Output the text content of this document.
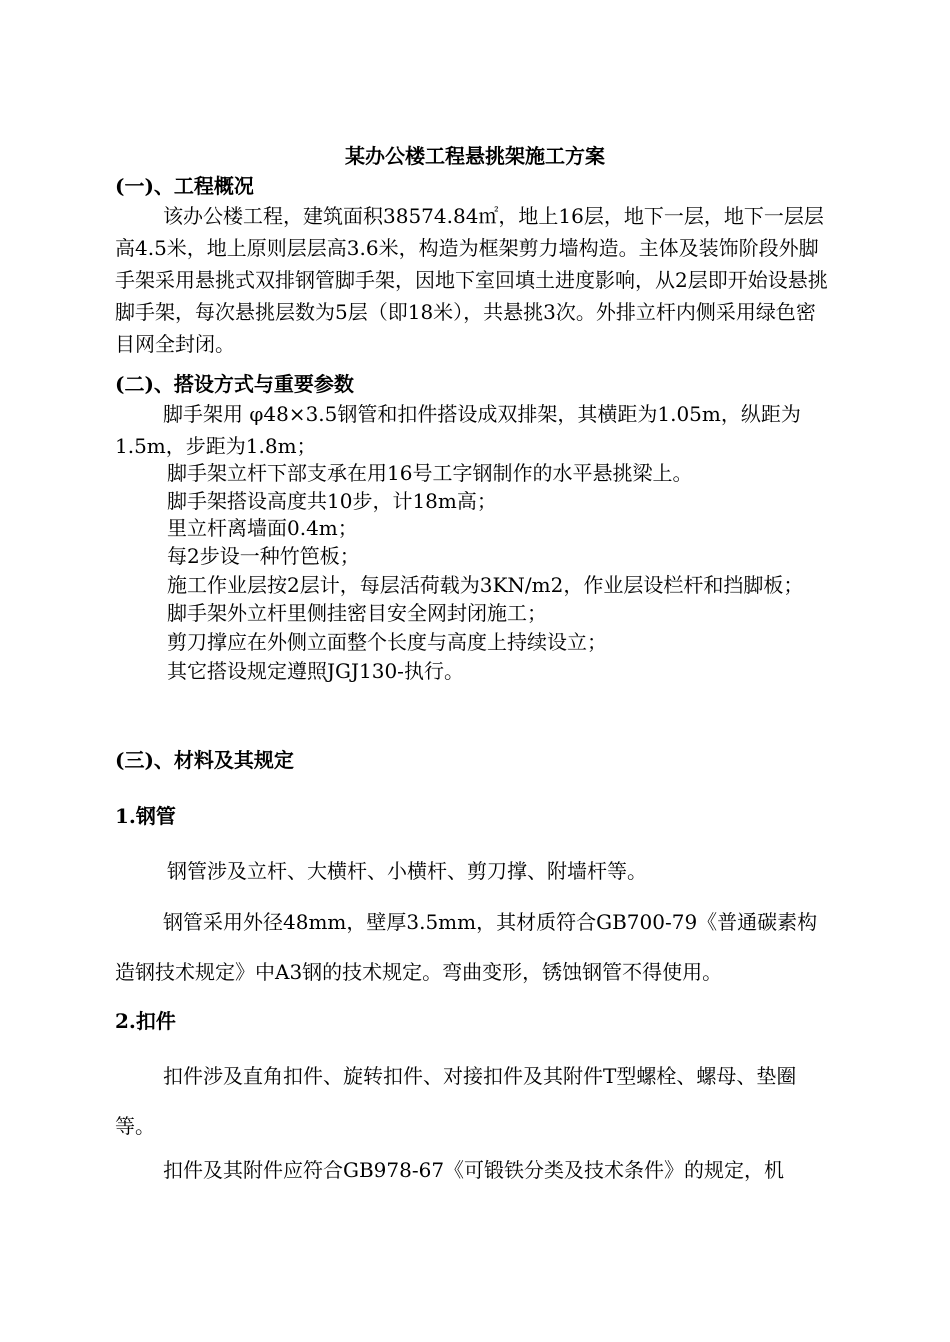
某办公楼工程悬挑架施工方案
(一)、工程概况

该办公楼工程，建筑面积38574.84㎡，地上16层，地下一层，地下一层层高4.5米，地上原则层层高3.6米，构造为框架剪力墙构造。主体及装饰阶段外脚手架采用悬挑式双排钢管脚手架，因地下室回填土进度影响，从2层即开始设悬挑脚手架，每次悬挑层数为5层（即18米），共悬挑3次。外排立杆内侧采用绿色密目网全封闭。

(二)、搭设方式与重要参数

脚手架用 φ48×3.5钢管和扣件搭设成双排架，其横距为1.05m，纵距为1.5m，步距为1.8m；

脚手架立杆下部支承在用16号工字钢制作的水平悬挑梁上。
脚手架搭设高度共10步，计18m高；
里立杆离墙面0.4m；
每2步设一种竹笆板；
施工作业层按2层计，每层活荷载为3KN/m2，作业层设栏杆和挡脚板；
脚手架外立杆里侧挂密目安全网封闭施工；
剪刀撑应在外侧立面整个长度与高度上持续设立；
其它搭设规定遵照JGJ130-执行。
(三)、材料及其规定
1.钢管
钢管涉及立杆、大横杆、小横杆、剪刀撑、附墙杆等。

钢管采用外径48mm，壁厚3.5mm，其材质符合GB700-79《普通碳素构造钢技术规定》中A3钢的技术规定。弯曲变形，锈蚀钢管不得使用。

2.扣件

扣件涉及直角扣件、旋转扣件、对接扣件及其附件T型螺栓、螺母、垫圈等。

扣件及其附件应符合GB978-67《可锻铁分类及技术条件》的规定，机
